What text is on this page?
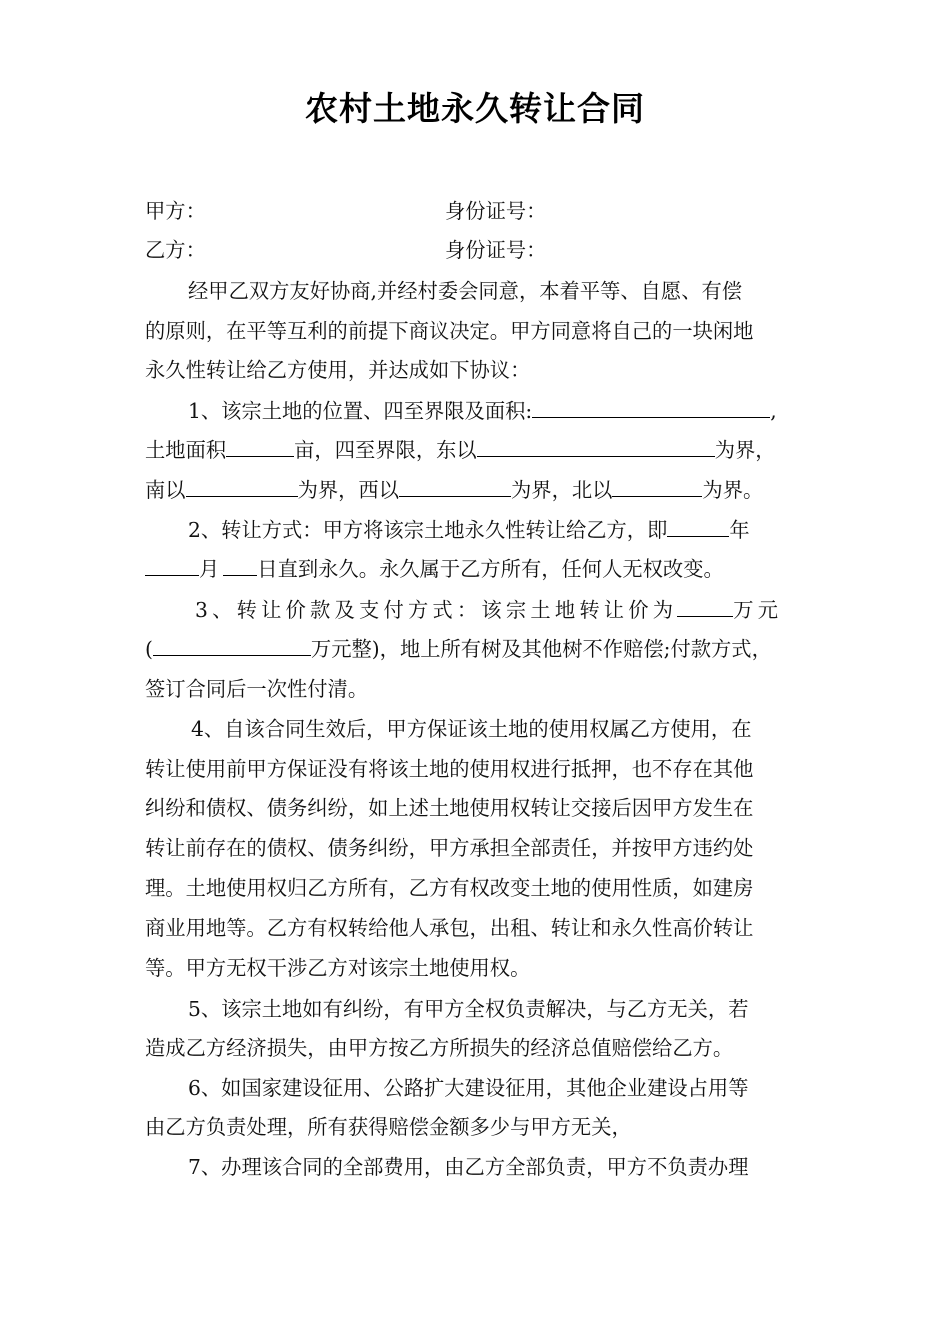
农村土地永久转让合同
甲方：	身份证号：
乙方：	身份证号：
经甲乙双方友好协商,并经村委会同意，本着平等、自愿、有偿
的原则，在平等互利的前提下商议决定。甲方同意将自己的一块闲地
永久性转让给乙方使用，并达成如下协议：
1、该宗土地的位置、四至界限及面积:	,
土地面积	亩，四至界限，东以	为界，
南以	为界，西以	为界，北以	为界。
2、转让方式：甲方将该宗土地永久性转让给乙方，即	年
月 日直到永久。永久属于乙方所有，任何人无权改变。
3、转让价款及支付方式：该宗土地转让价为	万元
(	万元整)，地上所有树及其他树不作赔偿;付款方式，
签订合同后一次性付清。
4、自该合同生效后，甲方保证该土地的使用权属乙方使用，在
转让使用前甲方保证没有将该土地的使用权进行抵押，也不存在其他
纠纷和债权、债务纠纷，如上述土地使用权转让交接后因甲方发生在
转让前存在的债权、债务纠纷，甲方承担全部责任，并按甲方违约处
理。土地使用权归乙方所有，乙方有权改变土地的使用性质，如建房
商业用地等。乙方有权转给他人承包，出租、转让和永久性高价转让
等。甲方无权干涉乙方对该宗土地使用权。
5、该宗土地如有纠纷，有甲方全权负责解决，与乙方无关，若
造成乙方经济损失，由甲方按乙方所损失的经济总值赔偿给乙方。
6、如国家建设征用、公路扩大建设征用，其他企业建设占用等
由乙方负责处理，所有获得赔偿金额多少与甲方无关，
7、办理该合同的全部费用，由乙方全部负责，甲方不负责办理
